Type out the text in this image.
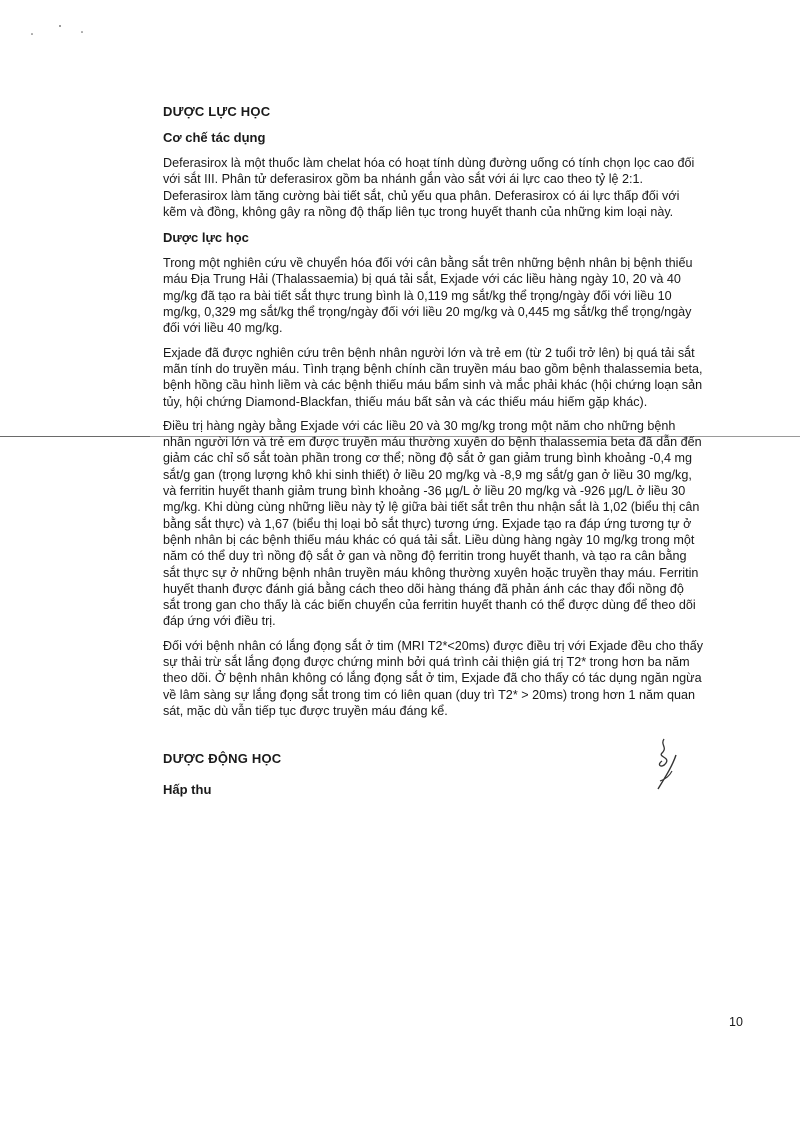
DƯỢC LỰC HỌC
Cơ chế tác dụng

Deferasirox là một thuốc làm chelat hóa có hoạt tính dùng đường uống có tính chọn lọc cao đối với sắt III. Phân tử deferasirox gồm ba nhánh gắn vào sắt với ái lực cao theo tỷ lệ 2:1. Deferasirox làm tăng cường bài tiết sắt, chủ yếu qua phân. Deferasirox có ái lực thấp đối với kẽm và đồng, không gây ra nồng độ thấp liên tục trong huyết thanh của những kim loại này.

Dược lực học

Trong một nghiên cứu về chuyển hóa đối với cân bằng sắt trên những bệnh nhân bị bệnh thiếu máu Địa Trung Hải (Thalassaemia) bị quá tải sắt, Exjade với các liều hàng ngày 10, 20 và 40 mg/kg đã tạo ra bài tiết sắt thực trung bình là 0,119 mg sắt/kg thể trọng/ngày đối với liều 10 mg/kg, 0,329 mg sắt/kg thể trọng/ngày đối với liều 20 mg/kg và 0,445 mg sắt/kg thể trọng/ngày đối với liều 40 mg/kg.

Exjade đã được nghiên cứu trên bệnh nhân người lớn và trẻ em (từ 2 tuổi trở lên) bị quá tải sắt mãn tính do truyền máu. Tình trạng bệnh chính cần truyền máu bao gồm bệnh thalassemia beta, bệnh hồng cầu hình liềm và các bệnh thiếu máu bẩm sinh và mắc phải khác (hội chứng loạn sản tủy, hội chứng Diamond-Blackfan, thiếu máu bất sản và các thiếu máu hiếm gặp khác).

Điều trị hàng ngày bằng Exjade với các liều 20 và 30 mg/kg trong một năm cho những bệnh nhân người lớn và trẻ em được truyền máu thường xuyên do bệnh thalassemia beta đã dẫn đến giảm các chỉ số sắt toàn phần trong cơ thể; nồng độ sắt ở gan giảm trung bình khoảng -0,4 mg sắt/g gan (trọng lượng khô khi sinh thiết) ở liều 20 mg/kg và -8,9 mg sắt/g gan ở liều 30 mg/kg, và ferritin huyết thanh giảm trung bình khoảng -36 µg/L ở liều 20 mg/kg và -926 µg/L ở liều 30 mg/kg. Khi dùng cùng những liều này tỷ lệ giữa bài tiết sắt trên thu nhận sắt là 1,02 (biểu thị cân bằng sắt thực) và 1,67 (biểu thị loại bỏ sắt thực) tương ứng. Exjade tạo ra đáp ứng tương tự ở bệnh nhân bị các bệnh thiếu máu khác có quá tải sắt. Liều dùng hàng ngày 10 mg/kg trong một năm có thể duy trì nồng độ sắt ở gan và nồng độ ferritin trong huyết thanh, và tạo ra cân bằng sắt thực sự ở những bệnh nhân truyền máu không thường xuyên hoặc truyền thay máu. Ferritin huyết thanh được đánh giá bằng cách theo dõi hàng tháng đã phản ánh các thay đổi nồng độ sắt trong gan cho thấy là các biến chuyển của ferritin huyết thanh có thể được dùng để theo dõi đáp ứng với điều trị.

Đối với bệnh nhân có lắng đọng sắt ở tim (MRI T2*<20ms) được điều trị với Exjade đều cho thấy sự thải trừ sắt lắng đọng được chứng minh bởi quá trình cải thiện giá trị T2* trong hơn ba năm theo dõi. Ở bệnh nhân không có lắng đọng sắt ở tim, Exjade đã cho thấy có tác dụng ngăn ngừa về lâm sàng sự lắng đọng sắt trong tim có liên quan (duy trì T2* > 20ms) trong hơn 1 năm quan sát, mặc dù vẫn tiếp tục được truyền máu đáng kể.

DƯỢC ĐỘNG HỌC
Hấp thu
10
